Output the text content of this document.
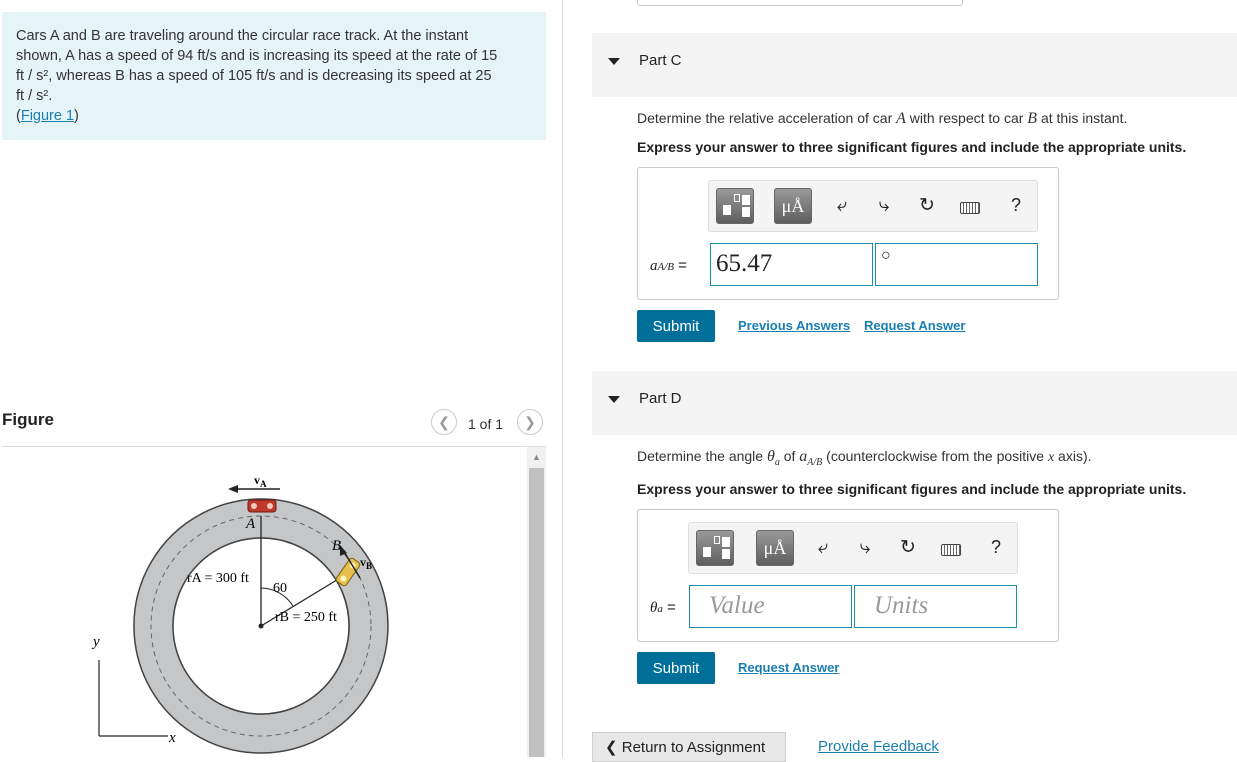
Cars A and B are traveling around the circular race track. At the instant
shown, A has a speed of 94 ft/s and is increasing its speed at the rate of 15
ft / s², whereas B has a speed of 105 ft/s and is decreasing its speed at 25
ft / s².
(Figure 1)
Figure	❮ 1 of 1 ❯
$v_A$
A
B
$v_B$
rA = 300 ft
60
rB = 250 ft
y
x
▲
Part C
Determine the relative acceleration of car A with respect to car B at this instant.
Express your answer to three significant figures and include the appropriate units.
μÅ	⤶	⤷	↻	?
aA/B = 65.47	○
Submit	Previous Answers Request Answer
Part D
Determine the angle $\theta_a$ of $a_{A/B}$ (counterclockwise from the positive x axis).
Express your answer to three significant figures and include the appropriate units.
μÅ	⤶	⤷	↻	?
θa =	Value	Units
Submit	Request Answer
❮ Return to Assignment	Provide Feedback
